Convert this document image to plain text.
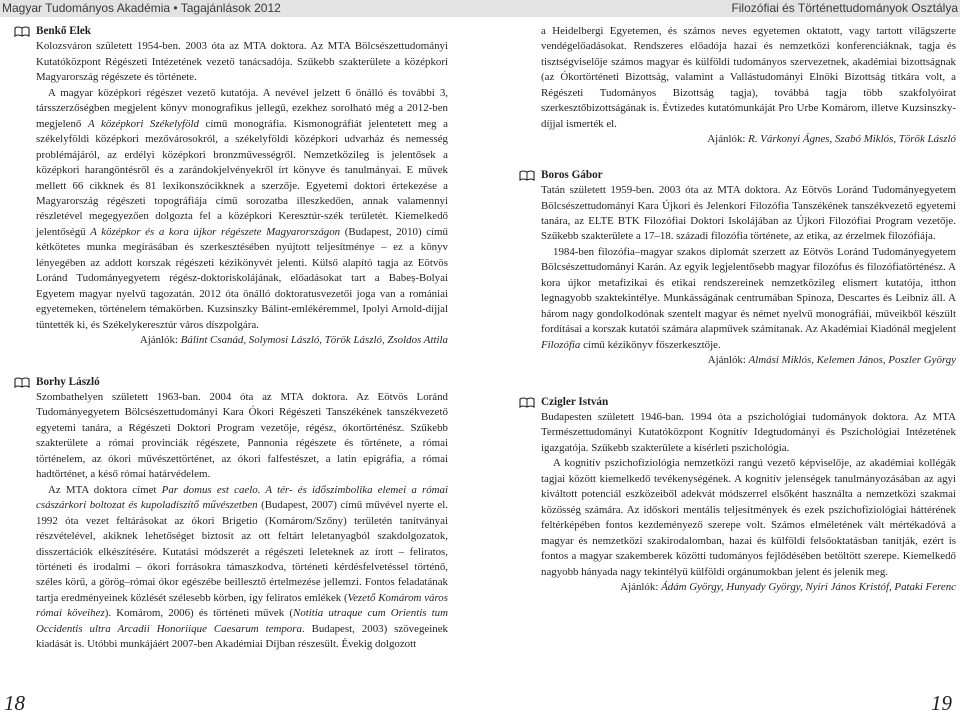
Magyar Tudományos Akadémia • Tagajánlások 2012	Filozófiai és Történettudományok Osztálya

Benkő Elek

Kolozsváron született 1954-ben. 2003 óta az MTA doktora. Az MTA Bölcsészettudományi Kutatóközpont Régészeti Intézetének vezető tanácsadója. Szűkebb szakterülete a középkori Magyarország régészete és története.

A magyar középkori régészet vezető kutatója. A nevével jelzett 6 önálló és további 3, társszerzőségben megjelent könyv monografikus jellegű, ezekhez sorolható még a 2012-ben megjelenő A középkori Székelyföld című monográfia. Kismonográfiát jelentetett meg a székelyföldi középkori mezővárosokról, a székelyföldi középkori udvarház és nemesség problémájáról, az erdélyi középkori bronzművességről. Nemzetközileg is jelentősek a középkori harangöntésről és a zarándokjelvényekről írt könyve és tanulmányai. E művek mellett 66 cikknek és 81 lexikonszócikknek a szerzője. Egyetemi doktori értekezése a Magyarország régészeti topográfiája című sorozatba illeszkedően, annak valamennyi részletével megegyezően dolgozta fel a középkori Keresztúr-szék területét. Kiemelkedő jelentőségű A középkor és a kora újkor régészete Magyarországon (Budapest, 2010) című kétkötetes munka megírásában és szerkesztésében nyújtott teljesítménye – ez a könyv lényegében az addott korszak régészeti kézikönyvét jelenti. Külső alapító tagja az Eötvös Loránd Tudományegyetem régész-doktoriskolájának, előadásokat tart a Babeș-Bolyai Egyetem magyar nyelvű tagozatán. 2012 óta önálló doktoratusvezetői joga van a romániai egyetemeken, történelem témakörben. Kuzsinszky Bálint-emlékéremmel, Ipolyi Arnold-díjjal tüntették ki, és Székelykeresztúr város díszpolgára.

Ajánlók: Bálint Csanád, Solymosi László, Török László, Zsoldos Attila

Borhy László

Szombathelyen született 1963-ban. 2004 óta az MTA doktora. Az Eötvös Loránd Tudományegyetem Bölcsészettudományi Kara Ókori Régészeti Tanszékének tanszékvezető egyetemi tanára, a Régészeti Doktori Program vezetője, régész, ókortörténész. Szűkebb szakterülete a római provinciák régészete, Pannonia régészete és története, a római történelem, az ókori művészettörténet, az ókori falfestészet, a latin epigráfia, a római hadtörténet, a késő római határvédelem.

Az MTA doktora címet Par domus est caelo. A tér- és időszimbolika elemei a római császárkori boltozat és kupoladíszítő művészetben (Budapest, 2007) című művével nyerte el. 1992 óta vezet feltárásokat az ókori Brigetio (Komárom/Szőny) területén tanítványai részvételével, akiknek lehetőséget biztosít az ott feltárt leletanyagból szakdolgozatok, disszertációk elkészítésére. Kutatási módszerét a régészeti leleteknek az írott – feliratos, történeti és irodalmi – ókori forrásokra támaszkodva, történeti kérdésfelvetéssel történő, széles körű, a görög–római ókor egészébe beillesztő értelmezése jellemzi. Fontos feladatának tartja eredményeinek közlését szélesebb körben, így feliratos emlékek (Vezető Komárom város római köveihez). Komárom, 2006) és történeti művek (Notitia utraque cum Orientis tum Occidentis ultra Arcadii Honoriique Caesarum tempora. Budapest, 2003) szövegeinek kiadását is. Utóbbi munkájáért 2007-ben Akadémiai Díjban részesült. Évekig dolgozott

a Heidelbergi Egyetemen, és számos neves egyetemen oktatott, vagy tartott vilägszerte vendégelőadásokat. Rendszeres előadója hazai és nemzetközi konferenciáknak, tagja és tisztségviselője számos magyar és külföldi tudományos szervezetnek, akadémiai bizottságnak (az Ókortörténeti Bizottság, valamint a Vallástudományi Elnöki Bizottság titkára volt, a Régészeti Tudományos Bizottság tagja), továbbá tagja több szakfolyóirat szerkesztőbizottságának is. Évtizedes kutatómunkáját Pro Urbe Komárom, illetve Kuzsinszky-díjjal ismerték el.

Ajánlók: R. Várkonyi Ágnes, Szabó Miklós, Török László

Boros Gábor

Tatán született 1959-ben. 2003 óta az MTA doktora. Az Eötvös Loránd Tudományegyetem Bölcsészettudományi Kara Újkori és Jelenkori Filozófia Tanszékének tanszékvezető egyetemi tanára, az ELTE BTK Filozófiai Doktori Iskolájában az Újkori Filozófiai Program vezetője. Szűkebb szakterülete a 17–18. századi filozófia története, az etika, az érzelmek filozófiája.

1984-ben filozófia–magyar szakos diplomát szerzett az Eötvös Loránd Tudományegyetem Bölcsészettudományi Karán. Az egyik legjelentősebb magyar filozófus és filozófiatörténész. A kora újkor metafizikai és etikai rendszereinek nemzetközileg elismert kutatója, itthon legnagyobb szaktekintélye. Munkásságának centrumában Spinoza, Descartes és Leibniz áll. A három nagy gondolkodónak szentelt magyar és német nyelvű monográfiái, műveikből készült fordításai a korszak kutatói számára alapművek számítanak. Az Akadémiai Kiadónál megjelent Filozófia című kézikönyv főszerkesztője.

Ajánlók: Almási Miklós, Kelemen János, Poszler György

Czigler István

Budapesten született 1946-ban. 1994 óta a pszichológiai tudományok doktora. Az MTA Természettudományi Kutatóközpont Kognitív Idegtudományi és Pszichológiai Intézetének igazgatója. Szűkebb szakterülete a kísérleti pszichológia.

A kognitív pszichofiziológia nemzetközi rangú vezető képviselője, az akadémiai kollégák tagjai között kiemelkedő tevékenységének. A kognitív jelenségek tanulmányozásában az agyi kiváltott potenciál eszközeiből adekvát módszerrel elsőként használta a nemzetközi szakmai közösség számára. Az időskori mentális teljesítmények és ezek pszichofiziológiai háttérének feltérképében fontos kezdeményező szerepe volt. Számos elméletének vált mértékadóvá a magyar és nemzetközi szakirodalomban, hazai és külföldi felsőoktatásban tanítják, ezért is fontos a magyar szakemberek közötti tudományos fejlődésében betöltött szerepe. Kiemelkedő nagyobb hányada nagy tekintélyű külföldi orgánumokban jelent és jelenik meg.

Ajánlók: Ádám György, Hunyady György, Nyíri János Kristóf, Pataki Ferenc

18	19
